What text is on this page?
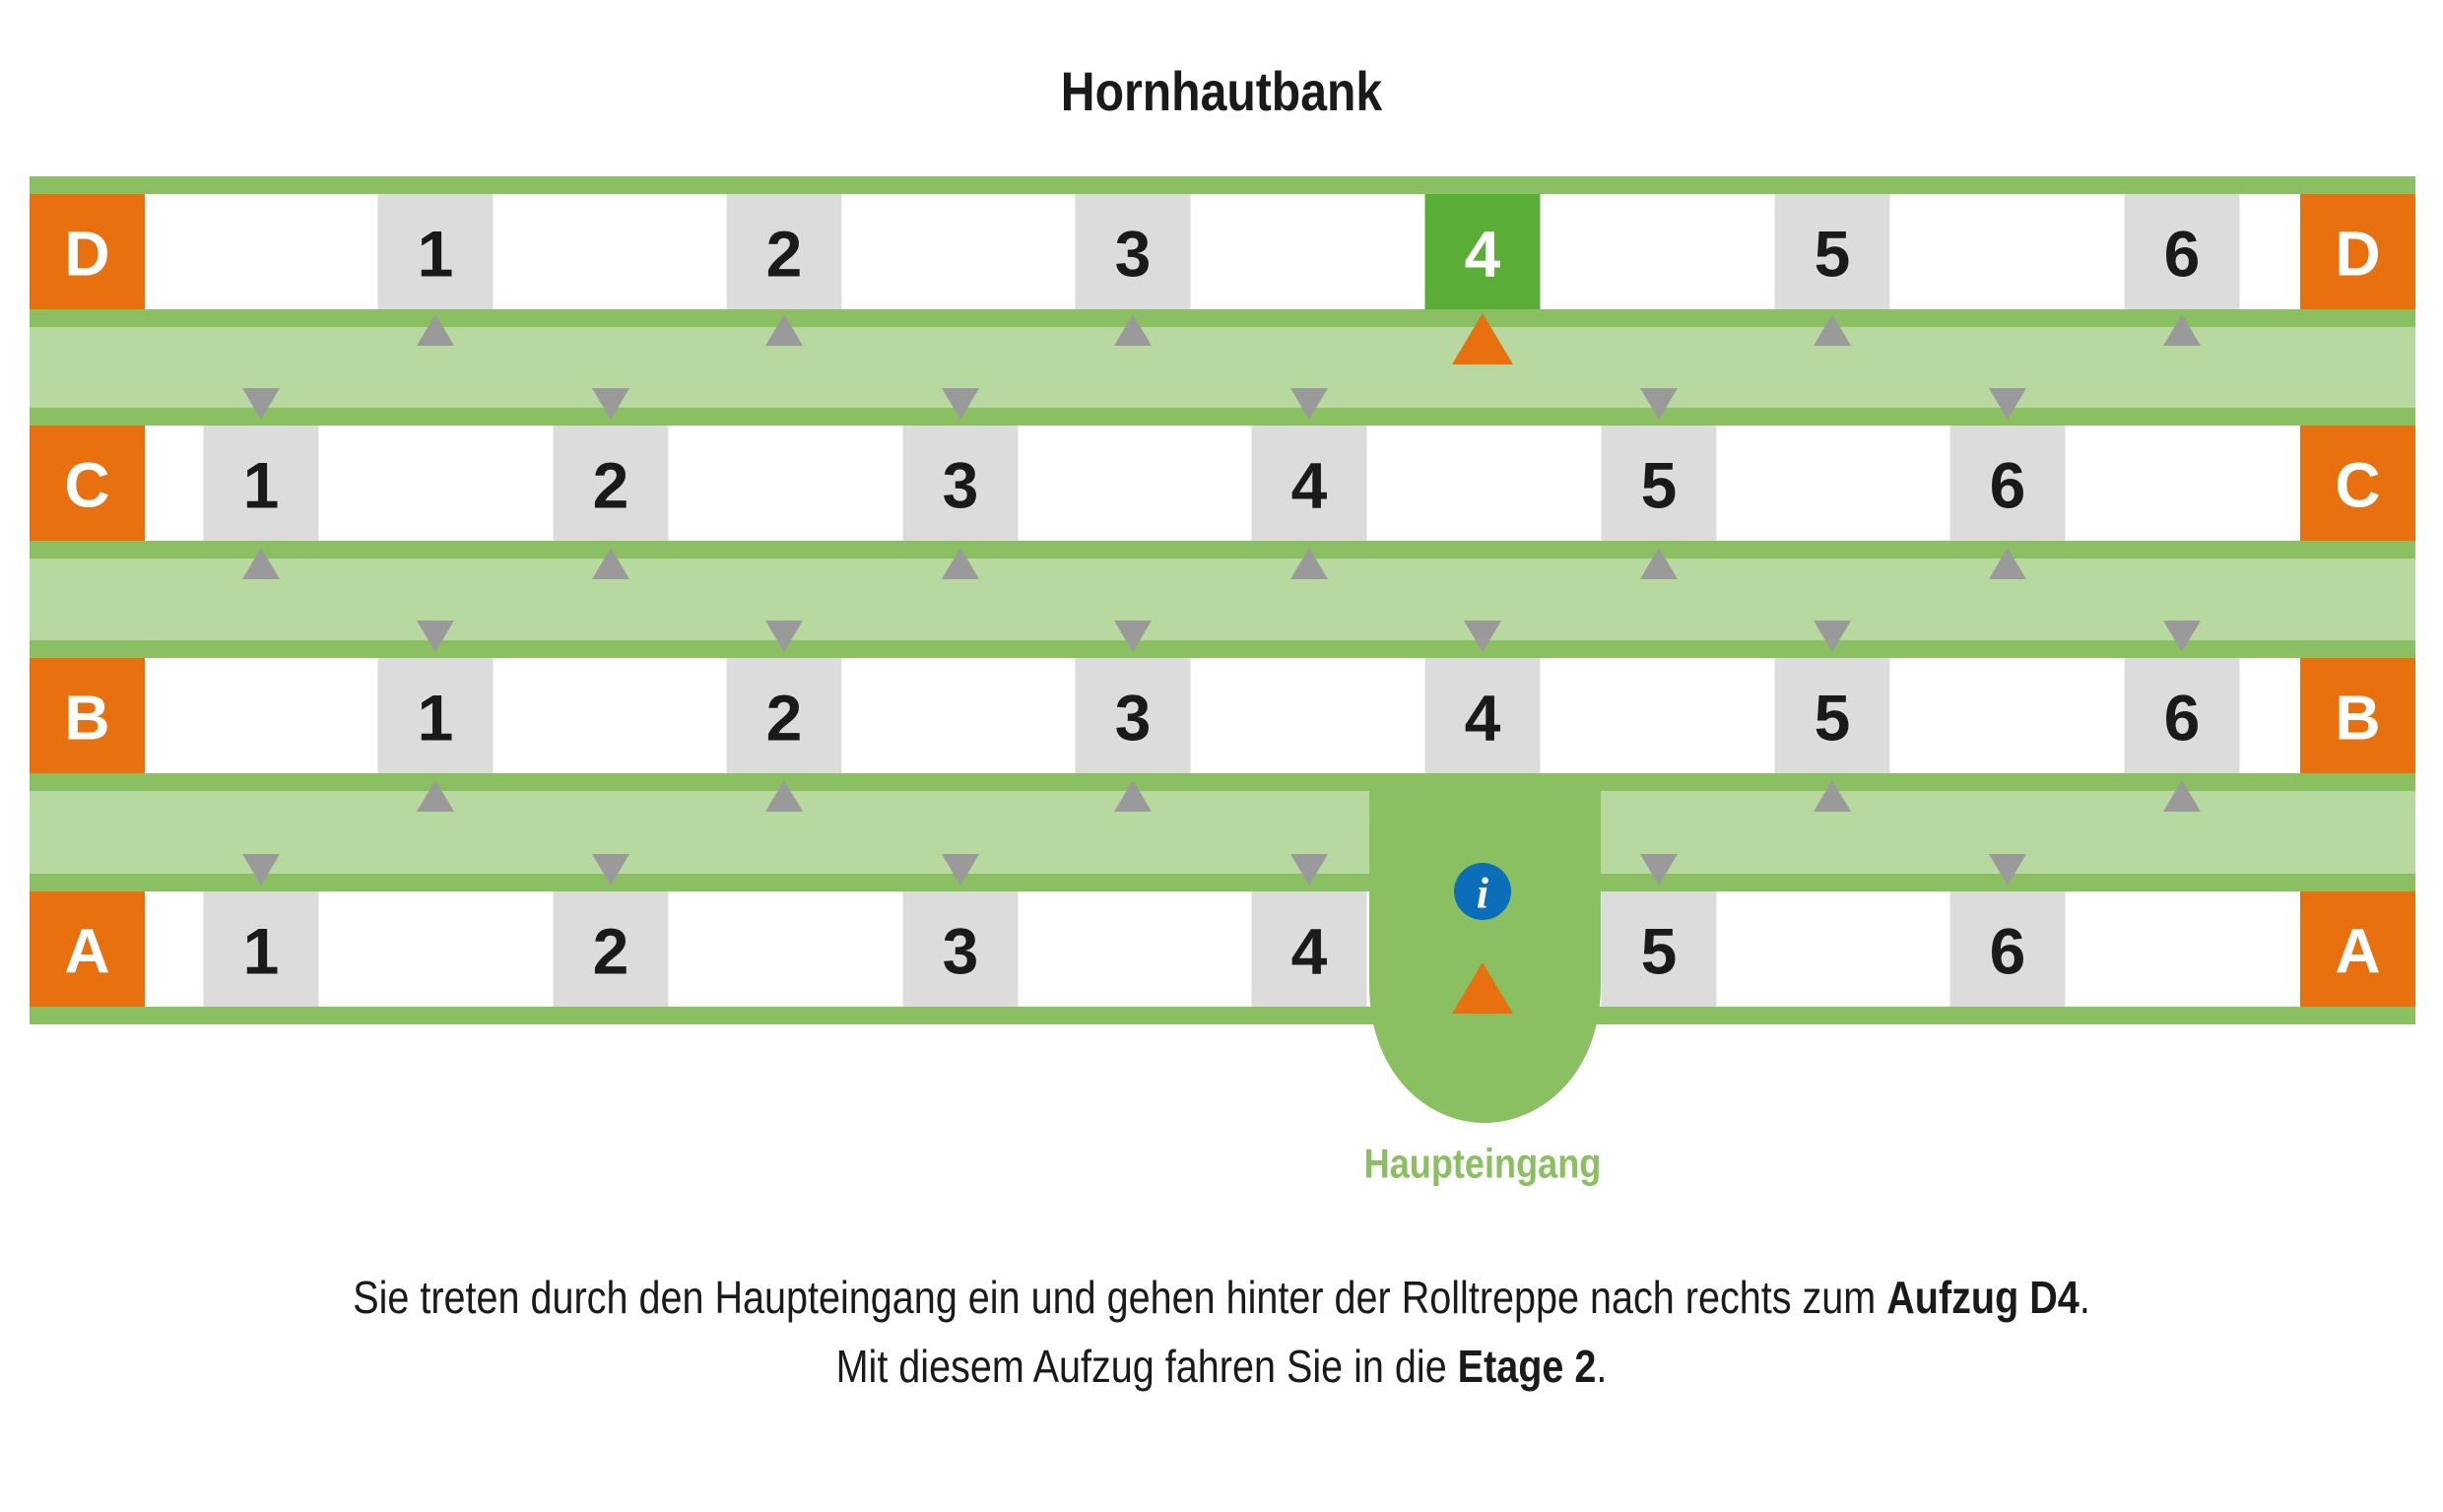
Hornhautbank
D	D
1	2	3	4	5	6
C	C
1	2	3	4	5	6
B	B
1	2	3	4	5	6
A	A
1	2	3	4	5	6
i
Haupteingang
Sie treten durch den Haupteingang ein und gehen hinter der Rolltreppe nach rechts zum Aufzug D4.
Mit diesem Aufzug fahren Sie in die Etage 2.
